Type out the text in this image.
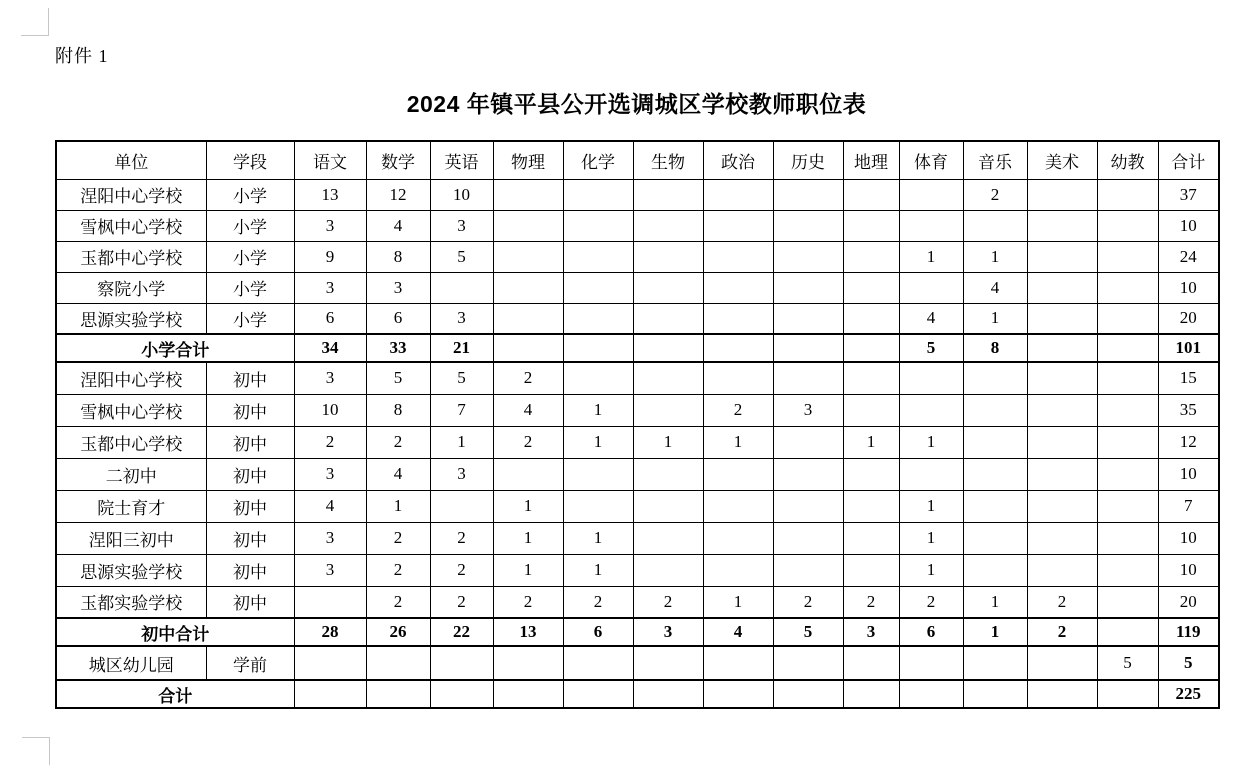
附件 1
2024 年镇平县公开选调城区学校教师职位表
单位	学段	语文	数学	英语	物理	化学	生物	政治	历史	地理	体育	音乐	美术	幼教	合计
涅阳中心学校	小学	13	12	10								2			37
雪枫中心学校	小学	3	4	3											10
玉都中心学校	小学	9	8	5							1	1			24
察院小学	小学	3	3									4			10
思源实验学校	小学	6	6	3							4	1			20
小学合计		34	33	21							5	8			101
涅阳中心学校	初中	3	5	5	2										15
雪枫中心学校	初中	10	8	7	4	1		2	3						35
玉都中心学校	初中	2	2	1	2	1	1	1		1	1				12
二初中	初中	3	4	3											10
院士育才	初中	4	1		1						1				7
涅阳三初中	初中	3	2	2	1	1					1				10
思源实验学校	初中	3	2	2	1	1					1				10
玉都实验学校	初中		2	2	2	2	2	1	2	2	2	1	2		20
初中合计		28	26	22	13	6	3	4	5	3	6	1	2		119
城区幼儿园	学前													5	5
合计															225
